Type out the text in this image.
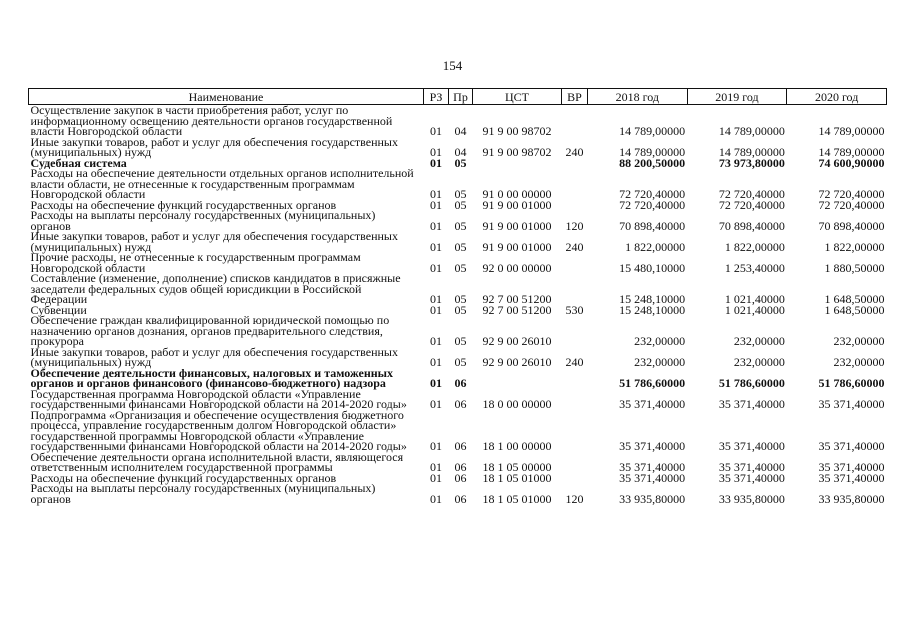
154
Наименование	РЗ	Пр	ЦСТ	ВР	2018 год	2019 год	2020 год
Осуществление закупок в части приобретения работ, услуг по информационному освещению деятельности органов государственной власти Новгородской области	01	04	91 9 00 98702		14 789,00000	14 789,00000	14 789,00000
Иные закупки товаров, работ и услуг для обеспечения государственных (муниципальных) нужд	01	04	91 9 00 98702	240	14 789,00000	14 789,00000	14 789,00000
Судебная система	01	05			88 200,50000	73 973,80000	74 600,90000
Расходы на обеспечение деятельности отдельных органов исполнительной власти области, не отнесенные к государственным программам Новгородской области	01	05	91 0 00 00000		72 720,40000	72 720,40000	72 720,40000
Расходы на обеспечение функций государственных органов	01	05	91 9 00 01000		72 720,40000	72 720,40000	72 720,40000
Расходы на выплаты персоналу государственных (муниципальных) органов	01	05	91 9 00 01000	120	70 898,40000	70 898,40000	70 898,40000
Иные закупки товаров, работ и услуг для обеспечения государственных (муниципальных) нужд	01	05	91 9 00 01000	240	1 822,00000	1 822,00000	1 822,00000
Прочие расходы, не отнесенные к государственным программам Новгородской области	01	05	92 0 00 00000		15 480,10000	1 253,40000	1 880,50000
Составление (изменение, дополнение) списков кандидатов в присяжные заседатели федеральных судов общей юрисдикции в Российской Федерации	01	05	92 7 00 51200		15 248,10000	1 021,40000	1 648,50000
Субвенции	01	05	92 7 00 51200	530	15 248,10000	1 021,40000	1 648,50000
Обеспечение граждан квалифицированной юридической помощью по назначению органов дознания, органов предварительного следствия, прокурора	01	05	92 9 00 26010		232,00000	232,00000	232,00000
Иные закупки товаров, работ и услуг для обеспечения государственных (муниципальных) нужд	01	05	92 9 00 26010	240	232,00000	232,00000	232,00000
Обеспечение деятельности финансовых, налоговых и таможенных органов и органов финансового (финансово-бюджетного) надзора	01	06			51 786,60000	51 786,60000	51 786,60000
Государственная программа Новгородской области «Управление государственными финансами Новгородской области на 2014-2020 годы»	01	06	18 0 00 00000		35 371,40000	35 371,40000	35 371,40000
Подпрограмма «Организация и обеспечение осуществления бюджетного процесса, управление государственным долгом Новгородской области» государственной программы Новгородской области «Управление государственными финансами Новгородской области на 2014-2020 годы»	01	06	18 1 00 00000		35 371,40000	35 371,40000	35 371,40000
Обеспечение деятельности органа исполнительной власти, являющегося ответственным исполнителем государственной программы	01	06	18 1 05 00000		35 371,40000	35 371,40000	35 371,40000
Расходы на обеспечение функций государственных органов	01	06	18 1 05 01000		35 371,40000	35 371,40000	35 371,40000
Расходы на выплаты персоналу государственных (муниципальных) органов	01	06	18 1 05 01000	120	33 935,80000	33 935,80000	33 935,80000
